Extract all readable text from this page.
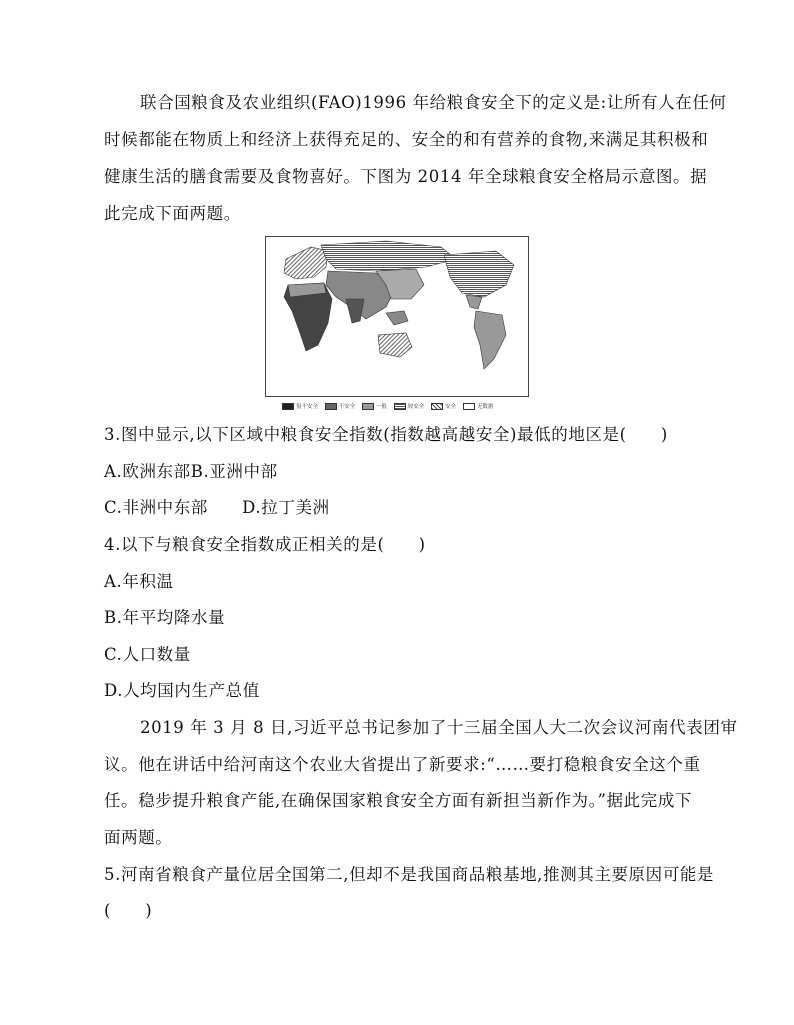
联合国粮食及农业组织(FAO)1996 年给粮食安全下的定义是:让所有人在任何
时候都能在物质上和经济上获得充足的、安全的和有营养的食物,来满足其积极和
健康生活的膳食需要及食物喜好。下图为 2014 年全球粮食安全格局示意图。据
此完成下面两题。
很不安全	不安全	一般	较安全	安全	无数据
3.图中显示,以下区域中粮食安全指数(指数越高越安全)最低的地区是(　　)
A.欧洲东部B.亚洲中部
C.非洲中东部　　D.拉丁美洲
4.以下与粮食安全指数成正相关的是(　　)
A.年积温
B.年平均降水量
C.人口数量
D.人均国内生产总值
2019 年 3 月 8 日,习近平总书记参加了十三届全国人大二次会议河南代表团审
议。他在讲话中给河南这个农业大省提出了新要求:“……要打稳粮食安全这个重
任。稳步提升粮食产能,在确保国家粮食安全方面有新担当新作为。”据此完成下
面两题。
5.河南省粮食产量位居全国第二,但却不是我国商品粮基地,推测其主要原因可能是
(　　)
